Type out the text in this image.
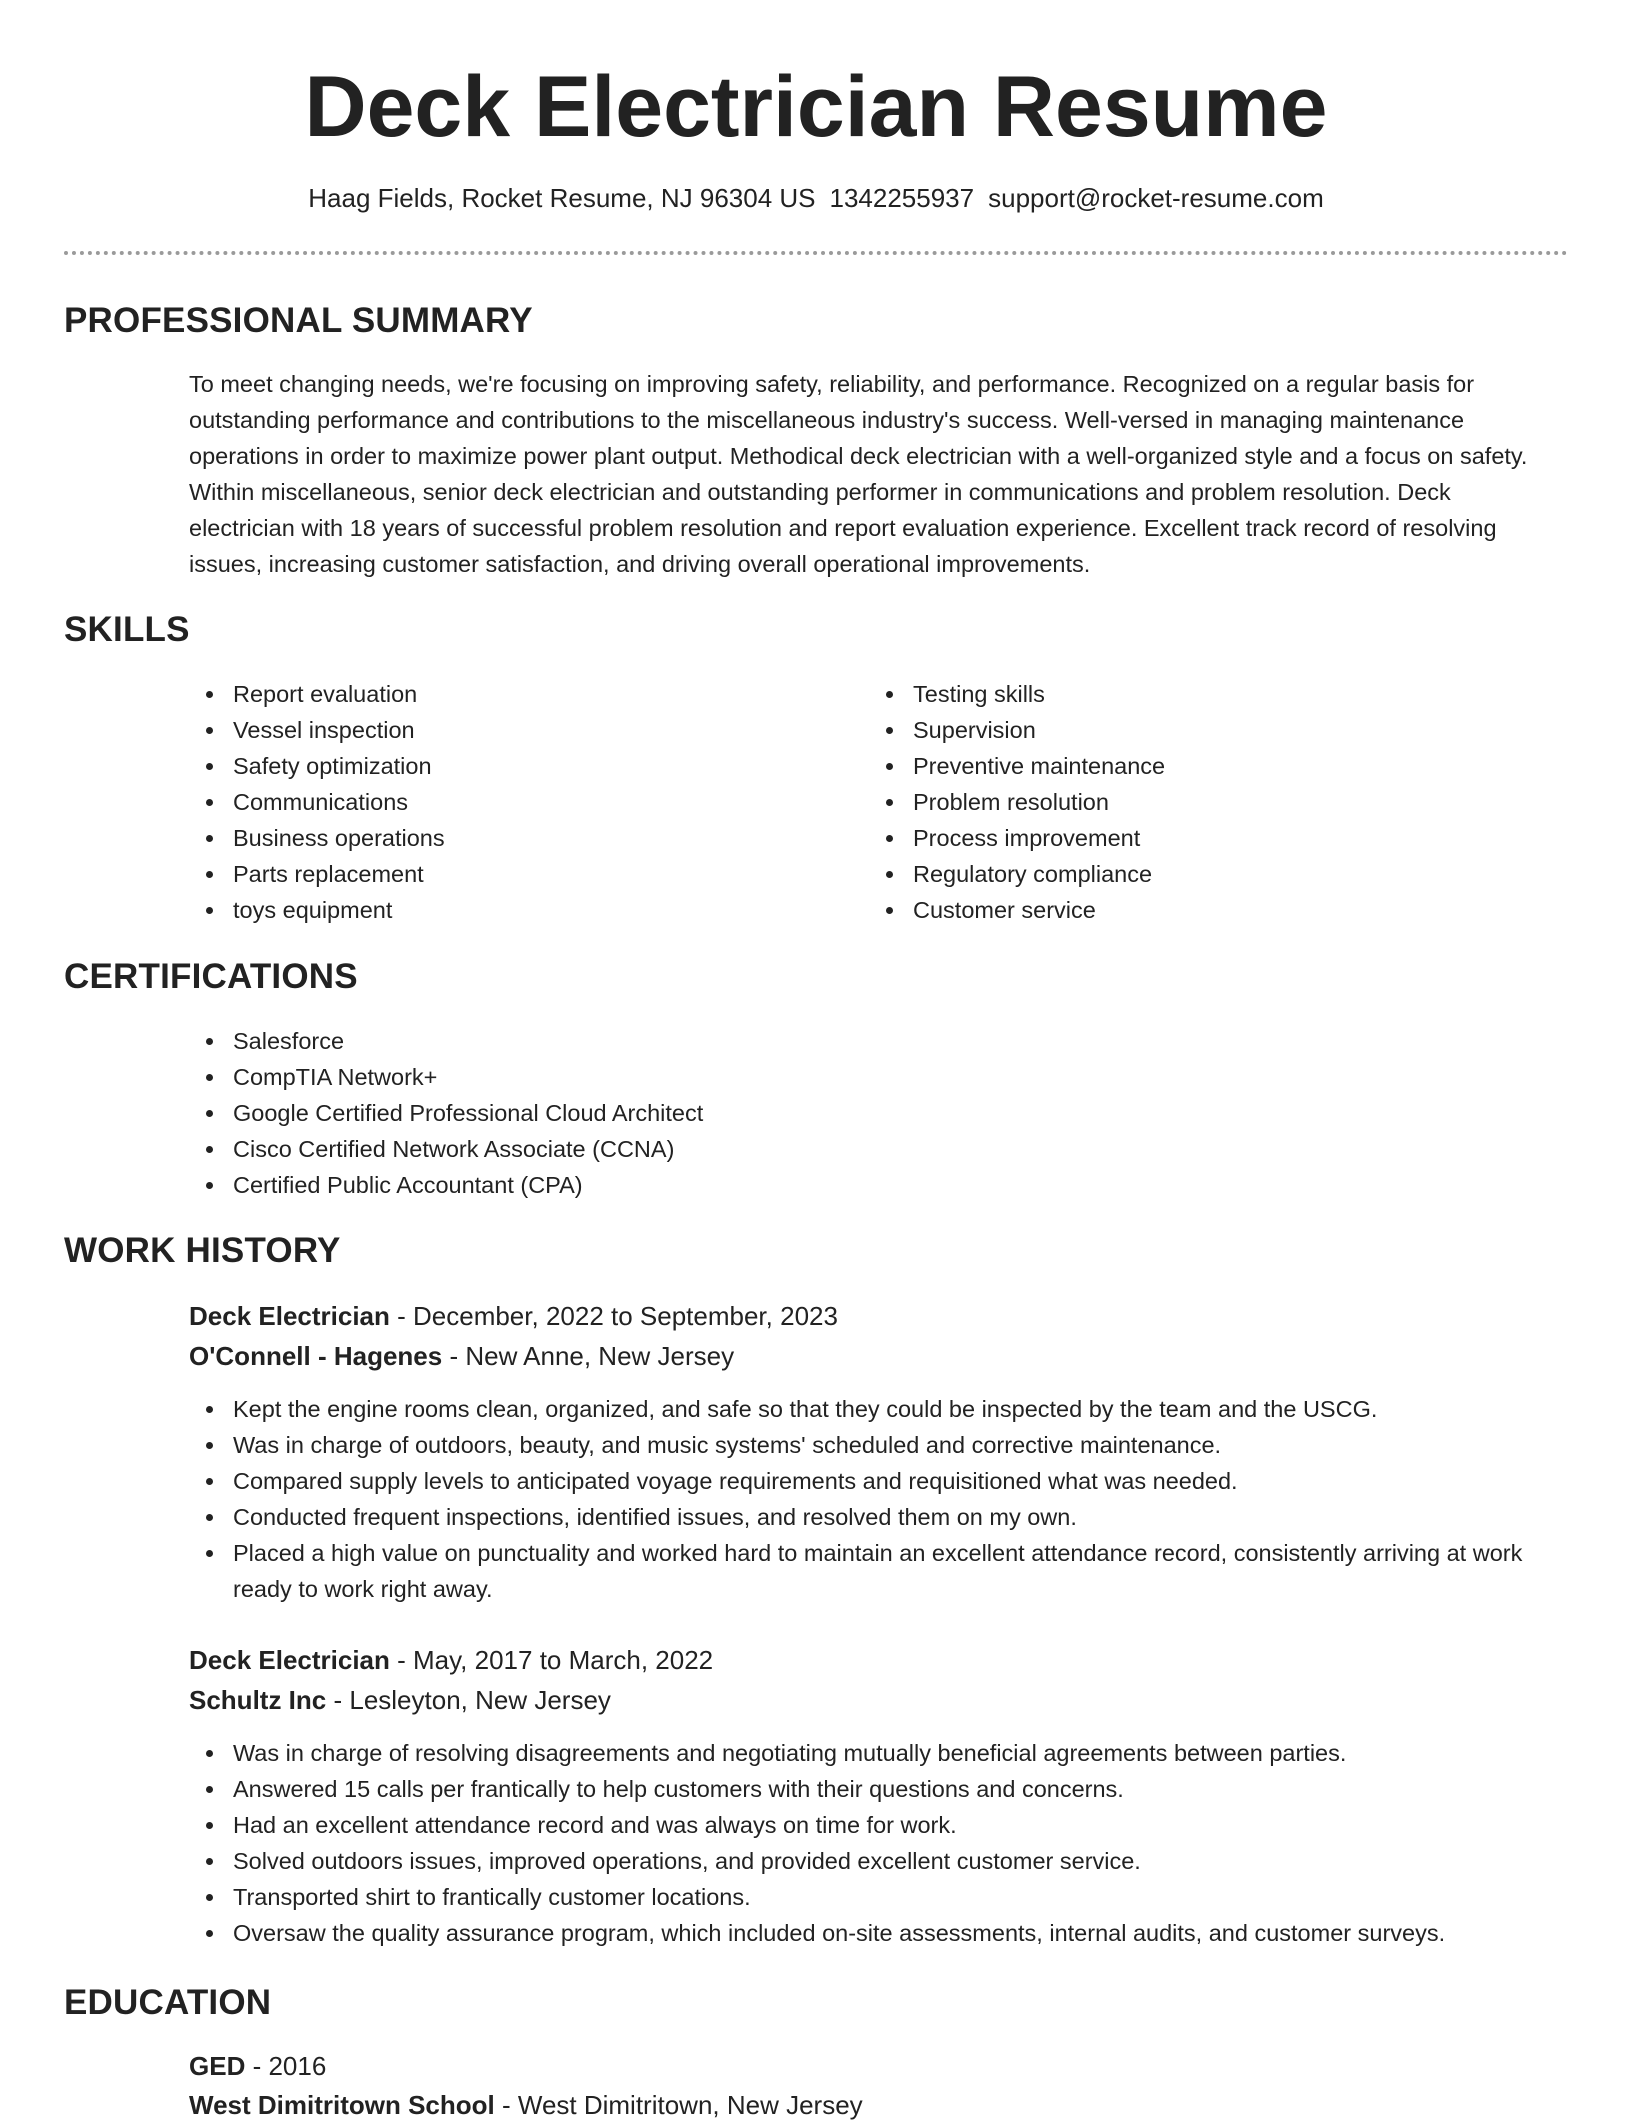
Deck Electrician Resume
Haag Fields, Rocket Resume, NJ 96304 US 1342255937 support@rocket-resume.com
PROFESSIONAL SUMMARY

To meet changing needs, we're focusing on improving safety, reliability, and performance. Recognized on a regular basis for outstanding performance and contributions to the miscellaneous industry's success. Well-versed in managing maintenance operations in order to maximize power plant output. Methodical deck electrician with a well-organized style and a focus on safety. Within miscellaneous, senior deck electrician and outstanding performer in communications and problem resolution. Deck electrician with 18 years of successful problem resolution and report evaluation experience. Excellent track record of resolving issues, increasing customer satisfaction, and driving overall operational improvements.

SKILLS
Report evaluation
Vessel inspection
Safety optimization
Communications
Business operations
Parts replacement
toys equipment
Testing skills
Supervision
Preventive maintenance
Problem resolution
Process improvement
Regulatory compliance
Customer service
CERTIFICATIONS
Salesforce
CompTIA Network+
Google Certified Professional Cloud Architect
Cisco Certified Network Associate (CCNA)
Certified Public Accountant (CPA)
WORK HISTORY
Deck Electrician - December, 2022 to September, 2023
O'Connell - Hagenes - New Anne, New Jersey
Kept the engine rooms clean, organized, and safe so that they could be inspected by the team and the USCG.
Was in charge of outdoors, beauty, and music systems' scheduled and corrective maintenance.
Compared supply levels to anticipated voyage requirements and requisitioned what was needed.
Conducted frequent inspections, identified issues, and resolved them on my own.
Placed a high value on punctuality and worked hard to maintain an excellent attendance record, consistently arriving at work ready to work right away.
Deck Electrician - May, 2017 to March, 2022
Schultz Inc - Lesleyton, New Jersey
Was in charge of resolving disagreements and negotiating mutually beneficial agreements between parties.
Answered 15 calls per frantically to help customers with their questions and concerns.
Had an excellent attendance record and was always on time for work.
Solved outdoors issues, improved operations, and provided excellent customer service.
Transported shirt to frantically customer locations.
Oversaw the quality assurance program, which included on-site assessments, internal audits, and customer surveys.
EDUCATION
GED - 2016
West Dimitritown School - West Dimitritown, New Jersey
